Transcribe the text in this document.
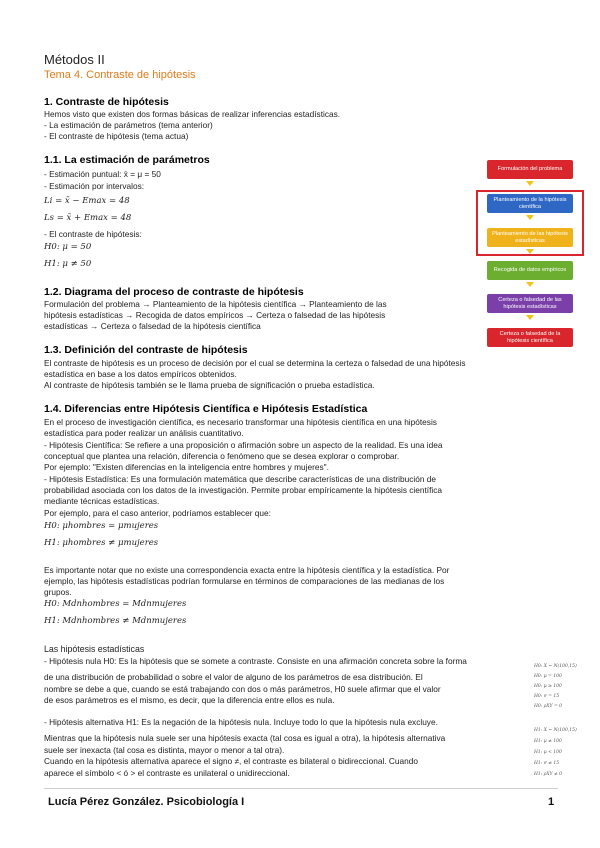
Métodos II
Tema 4. Contraste de hipótesis
1. Contraste de hipótesis
Hemos visto que existen dos formas básicas de realizar inferencias estadísticas.
- La estimación de parámetros (tema anterior)
- El contraste de hipótesis (tema actua)
1.1. La estimación de parámetros
- Estimación puntual: x̄ = μ = 50
- Estimación por intervalos:
Li = x̄ − Emax = 48
Ls = x̄ + Emax = 48
- El contraste de hipótesis:
H0: μ = 50
H1: μ ≠ 50
Formulación del problema
Planteamiento de la hipótesis científica
Planteamiento de las hipótesis estadísticas
Recogida de datos empíricos
Certeza o falsedad de las hipótesis estadísticas
Certeza o falsedad de la hipótesis científica
1.2. Diagrama del proceso de contraste de hipótesis
Formulación del problema → Planteamiento de la hipótesis científica → Planteamiento de las
hipótesis estadísticas → Recogida de datos empíricos → Certeza o falsedad de las hipótesis
estadísticas → Certeza o falsedad de la hipótesis científica
1.3. Definición del contraste de hipótesis
El contraste de hipótesis es un proceso de decisión por el cual se determina la certeza o falsedad de una hipótesis
estadística en base a los datos empíricos obtenidos.
Al contraste de hipótesis también se le llama prueba de significación o prueba estadística.
1.4. Diferencias entre Hipótesis Científica e Hipótesis Estadística
En el proceso de investigación científica, es necesario transformar una hipótesis científica en una hipótesis
estadística para poder realizar un análisis cuantitativo.
- Hipótesis Científica: Se refiere a una proposición o afirmación sobre un aspecto de la realidad. Es una idea
conceptual que plantea una relación, diferencia o fenómeno que se desea explorar o comprobar.
Por ejemplo: "Existen diferencias en la inteligencia entre hombres y mujeres".
- Hipótesis Estadística: Es una formulación matemática que describe características de una distribución de
probabilidad asociada con los datos de la investigación. Permite probar empíricamente la hipótesis científica
mediante técnicas estadísticas.
Por ejemplo, para el caso anterior, podríamos establecer que:
H0: μhombres = μmujeres
H1: μhombres ≠ μmujeres
Es importante notar que no existe una correspondencia exacta entre la hipótesis científica y la estadística. Por
ejemplo, las hipótesis estadísticas podrían formularse en términos de comparaciones de las medianas de los
grupos.
H0: Mdnhombres = Mdnmujeres
H1: Mdnhombres ≠ Mdnmujeres
Las hipótesis estadísticas
- Hipótesis nula H0: Es la hipótesis que se somete a contraste. Consiste en una afirmación concreta sobre la forma
de una distribución de probabilidad o sobre el valor de alguno de los parámetros de esa distribución. El
nombre se debe a que, cuando se está trabajando con dos o más parámetros, H0 suele afirmar que el valor
de esos parámetros es el mismo, es decir, que la diferencia entre ellos es nula.
- Hipótesis alternativa H1: Es la negación de la hipótesis nula. Incluye todo lo que la hipótesis nula excluye.
Mientras que la hipótesis nula suele ser una hipótesis exacta (tal cosa es igual a otra), la hipótesis alternativa
suele ser inexacta (tal cosa es distinta, mayor o menor a tal otra).
Cuando en la hipótesis alternativa aparece el signo ≠, el contraste es bilateral o bidireccional. Cuando
aparece el símbolo < ó > el contraste es unilateral o unidireccional.
H0: X ~ N(100,15)
H0: μ = 100
H0: μ ≥ 100
H0: σ = 15
H0: ρXY = 0
H1: X ~ N(100,15)
H1: μ ≠ 100
H1: μ < 100
H1: σ ≠ 15
H1: ρXY ≠ 0
Lucía Pérez González. Psicobiología I	1
